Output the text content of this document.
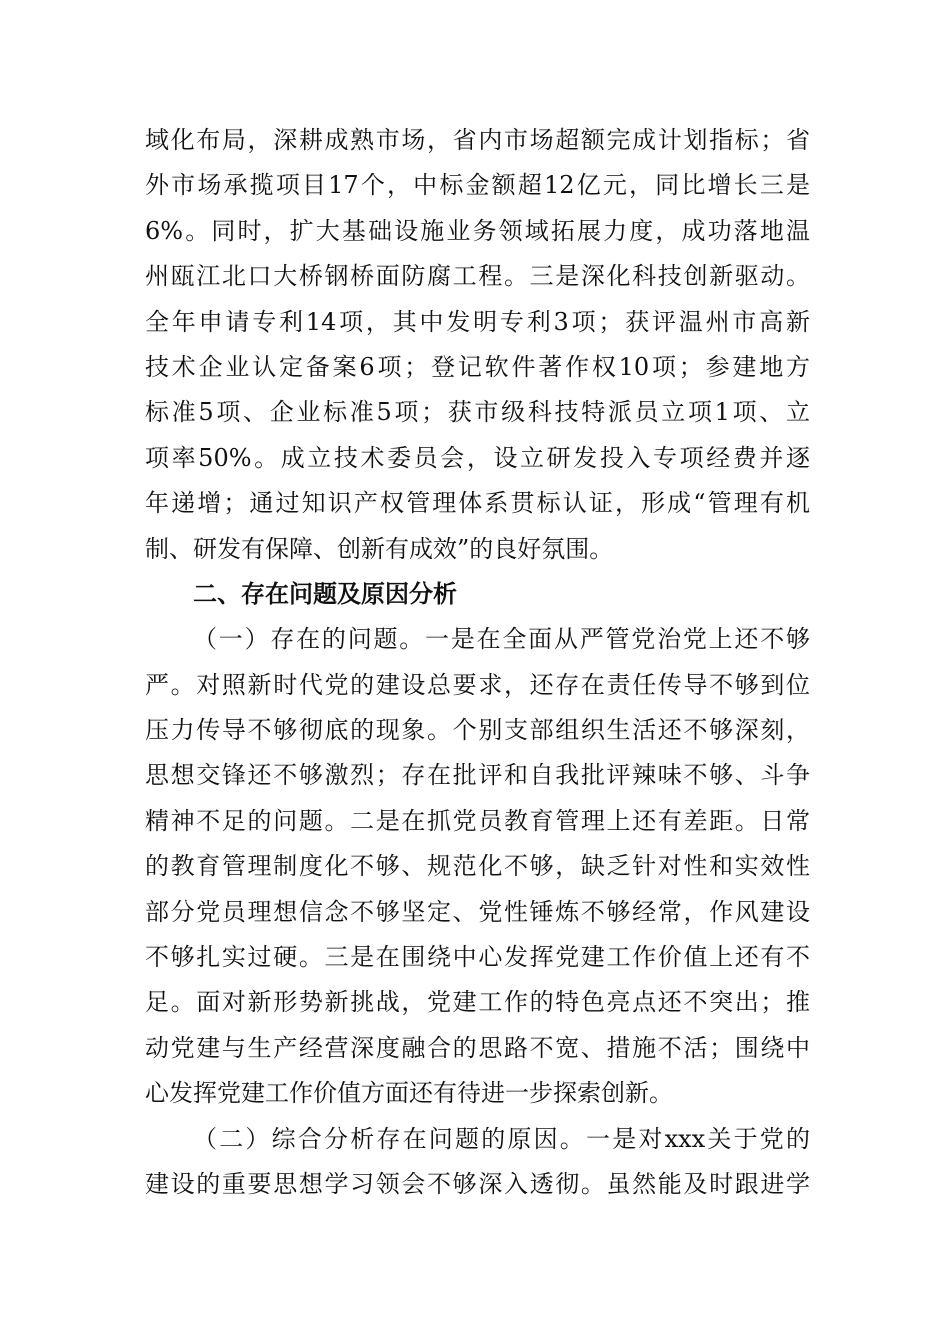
域化布局，深耕成熟市场，省内市场超额完成计划指标；省
外市场承揽项目17个，中标金额超12亿元，同比增长三是
6%。同时，扩大基础设施业务领域拓展力度，成功落地温
州瓯江北口大桥钢桥面防腐工程。三是深化科技创新驱动。
全年申请专利14项，其中发明专利3项；获评温州市高新
技术企业认定备案6项；登记软件著作权10项；参建地方
标准5项、企业标准5项；获市级科技特派员立项1项、立
项率50%。成立技术委员会，设立研发投入专项经费并逐
年递增；通过知识产权管理体系贯标认证，形成“管理有机
制、研发有保障、创新有成效”的良好氛围。
二、存在问题及原因分析
（一）存在的问题。一是在全面从严管党治党上还不够
严。对照新时代党的建设总要求，还存在责任传导不够到位
压力传导不够彻底的现象。个别支部组织生活还不够深刻，
思想交锋还不够激烈；存在批评和自我批评辣味不够、斗争
精神不足的问题。二是在抓党员教育管理上还有差距。日常
的教育管理制度化不够、规范化不够，缺乏针对性和实效性
部分党员理想信念不够坚定、党性锤炼不够经常，作风建设
不够扎实过硬。三是在围绕中心发挥党建工作价值上还有不
足。面对新形势新挑战，党建工作的特色亮点还不突出；推
动党建与生产经营深度融合的思路不宽、措施不活；围绕中
心发挥党建工作价值方面还有待进一步探索创新。
（二）综合分析存在问题的原因。一是对xxx关于党的
建设的重要思想学习领会不够深入透彻。虽然能及时跟进学
